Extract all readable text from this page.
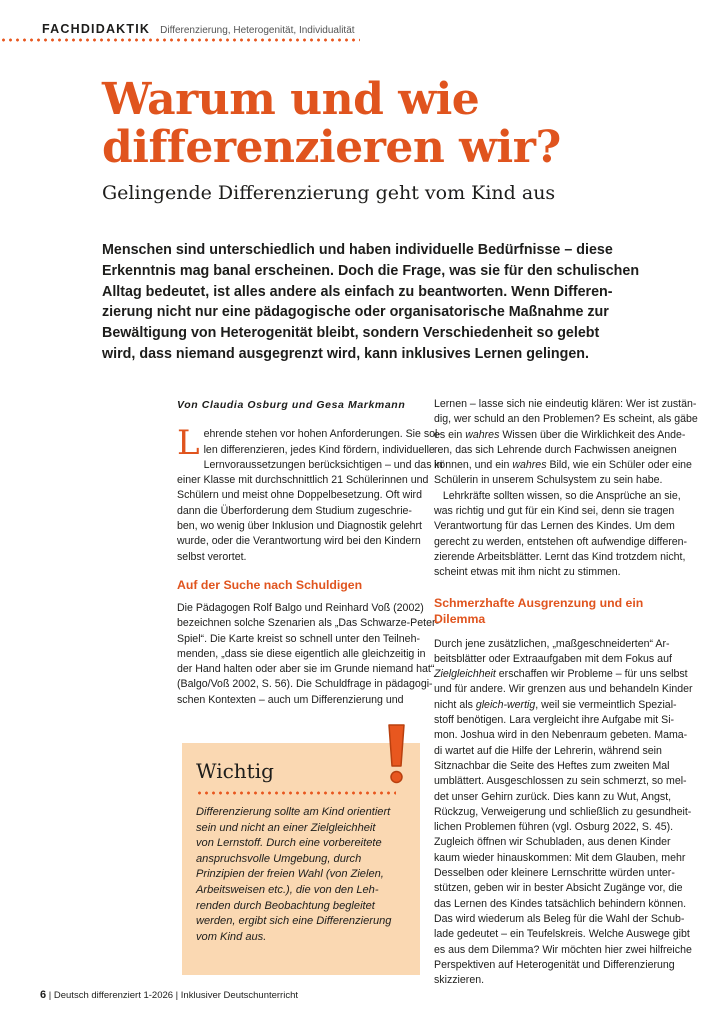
FACHDIDAKTIK Differenzierung, Heterogenität, Individualität
Warum und wie
differenzieren wir?
Gelingende Differenzierung geht vom Kind aus
Menschen sind unterschiedlich und haben individuelle Bedürfnisse – diese
Erkenntnis mag banal erscheinen. Doch die Frage, was sie für den schulischen
Alltag bedeutet, ist alles andere als einfach zu beantworten. Wenn Differen-
zierung nicht nur eine pädagogische oder organisatorische Maßnahme zur
Bewältigung von Heterogenität bleibt, sondern Verschiedenheit so gelebt
wird, dass niemand ausgegrenzt wird, kann inklusives Lernen gelingen.
Von Claudia Osburg und Gesa Markmann
L ehrende stehen vor hohen Anforderungen. Sie sol-

len differenzieren, jedes Kind fördern, individuelle

Lernvoraussetzungen berücksichtigen – und das in

einer Klasse mit durchschnittlich 21 Schülerinnen und

Schülern und meist ohne Doppelbesetzung. Oft wird

dann die Überforderung dem Studium zugeschrie-

ben, wo wenig über Inklusion und Diagnostik gelehrt

wurde, oder die Verantwortung wird bei den Kindern

selbst verortet.

Auf der Suche nach Schuldigen

Die Pädagogen Rolf Balgo und Reinhard Voß (2002)

bezeichnen solche Szenarien als „Das Schwarze-Peter-

Spiel“. Die Karte kreist so schnell unter den Teilneh-

menden, „dass sie diese eigentlich alle gleichzeitig in

der Hand halten oder aber sie im Grunde niemand hat“

(Balgo/Voß 2002, S. 56). Die Schuldfrage in pädagogi-

schen Kontexten – auch um Differenzierung und

Wichtig
Differenzierung sollte am Kind orientiert
sein und nicht an einer Zielgleichheit
von Lernstoff. Durch eine vorbereitete
anspruchsvolle Umgebung, durch
Prinzipien der freien Wahl (von Zielen,
Arbeitsweisen etc.), die von den Leh-
renden durch Beobachtung begleitet
werden, ergibt sich eine Differenzierung
vom Kind aus.

Lernen – lasse sich nie eindeutig klären: Wer ist zustän-

dig, wer schuld an den Problemen? Es scheint, als gäbe

es ein wahres Wissen über die Wirklichkeit des Ande-

ren, das sich Lehrende durch Fachwissen aneignen

können, und ein wahres Bild, wie ein Schüler oder eine

Schülerin in unserem Schulsystem zu sein habe.

Lehrkräfte sollten wissen, so die Ansprüche an sie,

was richtig und gut für ein Kind sei, denn sie tragen

Verantwortung für das Lernen des Kindes. Um dem

gerecht zu werden, entstehen oft aufwendige differen-

zierende Arbeitsblätter. Lernt das Kind trotzdem nicht,

scheint etwas mit ihm nicht zu stimmen.

Schmerzhafte Ausgrenzung und ein
Dilemma

Durch jene zusätzlichen, „maßgeschneiderten“ Ar-

beitsblätter oder Extraaufgaben mit dem Fokus auf

Zielgleichheit erschaffen wir Probleme – für uns selbst

und für andere. Wir grenzen aus und behandeln Kinder

nicht als gleich-wertig, weil sie vermeintlich Spezial-

stoff benötigen. Lara vergleicht ihre Aufgabe mit Si-

mon. Joshua wird in den Nebenraum gebeten. Mama-

di wartet auf die Hilfe der Lehrerin, während sein

Sitznachbar die Seite des Heftes zum zweiten Mal

umblättert. Ausgeschlossen zu sein schmerzt, so mel-

det unser Gehirn zurück. Dies kann zu Wut, Angst,

Rückzug, Verweigerung und schließlich zu gesundheit-

lichen Problemen führen (vgl. Osburg 2022, S. 45).

Zugleich öffnen wir Schubladen, aus denen Kinder

kaum wieder hinauskommen: Mit dem Glauben, mehr

Desselben oder kleinere Lernschritte würden unter-

stützen, geben wir in bester Absicht Zugänge vor, die

das Lernen des Kindes tatsächlich behindern können.

Das wird wiederum als Beleg für die Wahl der Schub-

lade gedeutet – ein Teufelskreis. Welche Auswege gibt

es aus dem Dilemma? Wir möchten hier zwei hilfreiche

Perspektiven auf Heterogenität und Differenzierung

skizzieren.

6 | Deutsch differenziert 1-2026 | Inklusiver Deutschunterricht
